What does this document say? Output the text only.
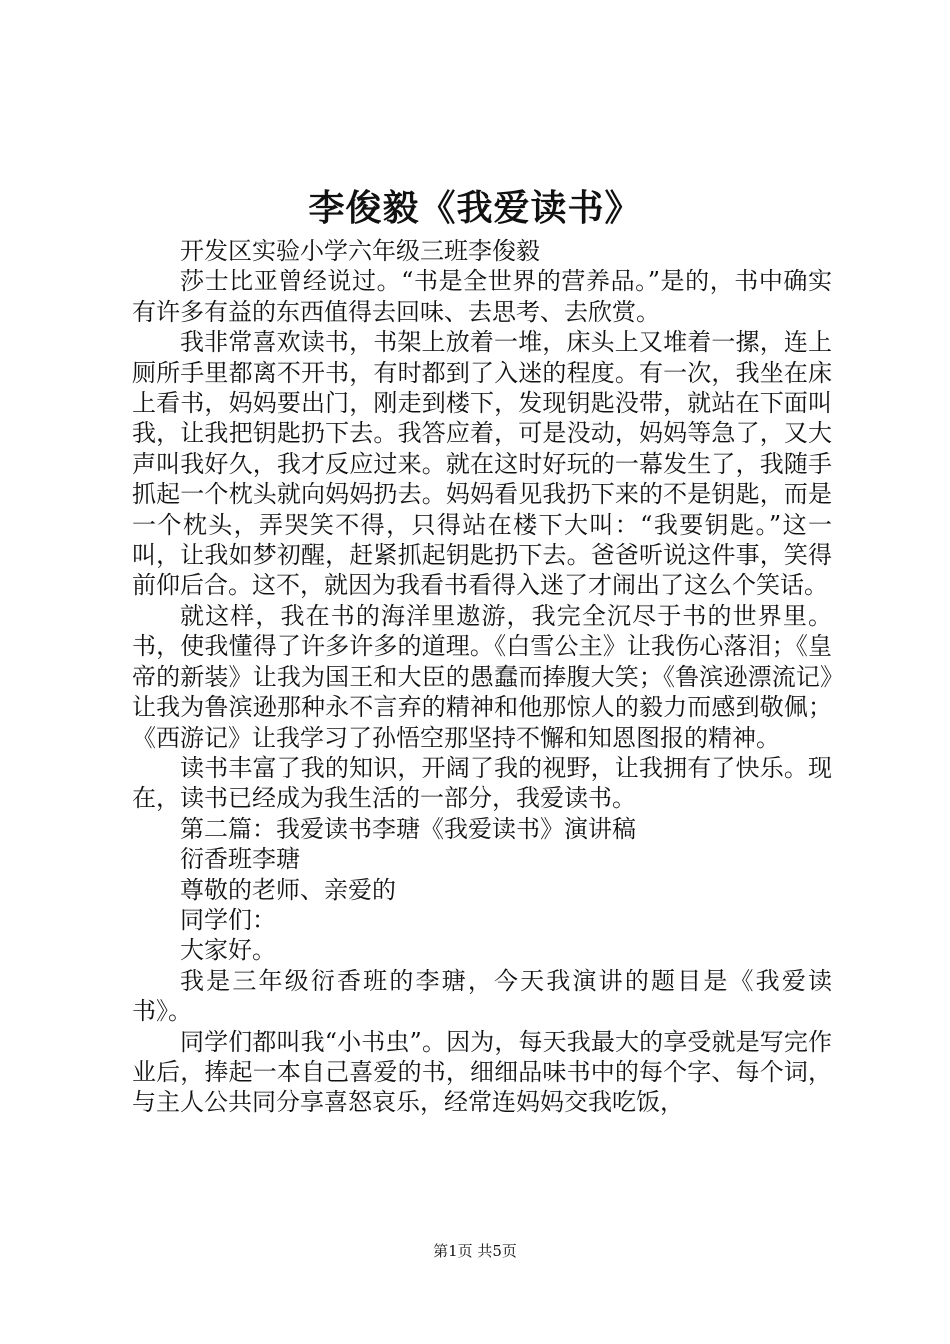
李俊毅《我爱读书》

开发区实验小学六年级三班李俊毅

莎士比亚曾经说过。“书是全世界的营养品。”是的，书中确实有许多有益的东西值得去回味、去思考、去欣赏。

我非常喜欢读书，书架上放着一堆，床头上又堆着一摞，连上厕所手里都离不开书，有时都到了入迷的程度。有一次，我坐在床上看书，妈妈要出门，刚走到楼下，发现钥匙没带，就站在下面叫我，让我把钥匙扔下去。我答应着，可是没动，妈妈等急了，又大声叫我好久，我才反应过来。就在这时好玩的一幕发生了，我随手抓起一个枕头就向妈妈扔去。妈妈看见我扔下来的不是钥匙，而是一个枕头，弄哭笑不得，只得站在楼下大叫：“我要钥匙。”这一叫，让我如梦初醒，赶紧抓起钥匙扔下去。爸爸听说这件事，笑得前仰后合。这不，就因为我看书看得入迷了才闹出了这么个笑话。

就这样，我在书的海洋里遨游，我完全沉尽于书的世界里。书，使我懂得了许多许多的道理。《白雪公主》让我伤心落泪；《皇帝的新装》让我为国王和大臣的愚蠢而捧腹大笑；《鲁滨逊漂流记》让我为鲁滨逊那种永不言弃的精神和他那惊人的毅力而感到敬佩；《西游记》让我学习了孙悟空那坚持不懈和知恩图报的精神。

读书丰富了我的知识，开阔了我的视野，让我拥有了快乐。现在，读书已经成为我生活的一部分，我爱读书。

第二篇：我爱读书李瑭《我爱读书》演讲稿

衍香班李瑭

尊敬的老师、亲爱的

同学们：

大家好。

我是三年级衍香班的李瑭，今天我演讲的题目是《我爱读书》。

同学们都叫我“小书虫”。因为，每天我最大的享受就是写完作业后，捧起一本自己喜爱的书，细细品味书中的每个字、每个词，与主人公共同分享喜怒哀乐，经常连妈妈交我吃饭，

第1页 共5页
